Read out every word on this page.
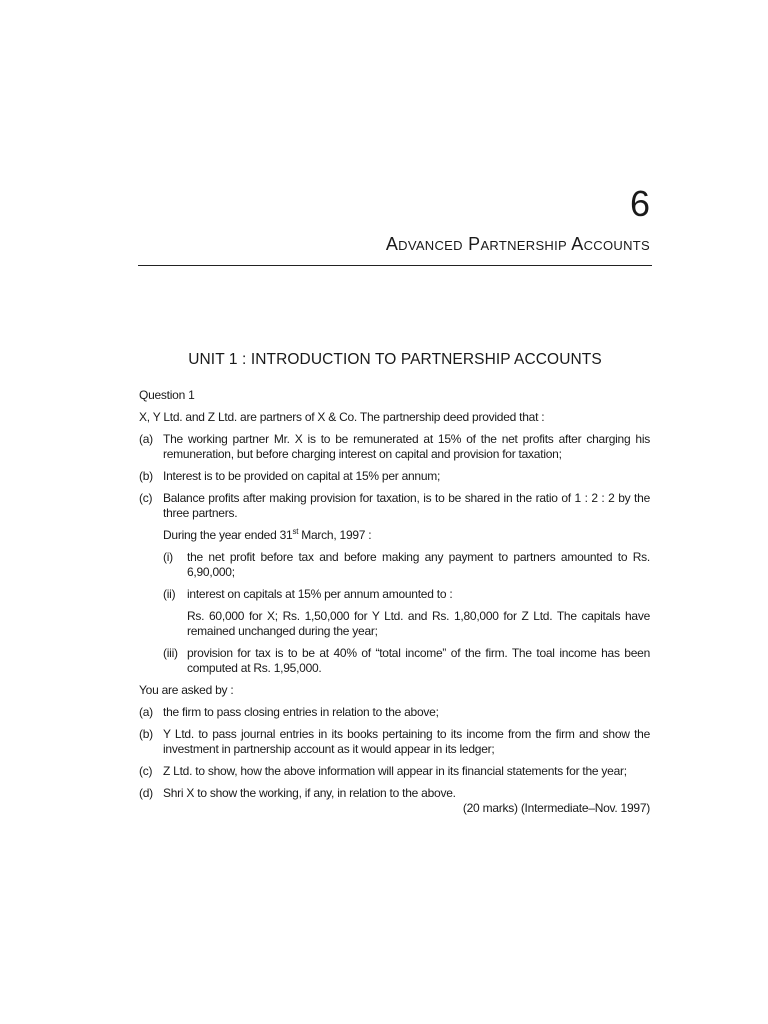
6
Advanced Partnership Accounts
UNIT 1 : INTRODUCTION TO PARTNERSHIP ACCOUNTS

Question 1

X, Y Ltd. and Z Ltd. are partners of X & Co. The partnership deed provided that :

(a) The working partner Mr. X is to be remunerated at 15% of the net profits after charging his remuneration, but before charging interest on capital and provision for taxation;
(b) Interest is to be provided on capital at 15% per annum;
(c) Balance profits after making provision for taxation, is to be shared in the ratio of 1 : 2 : 2 by the three partners.

During the year ended 31st March, 1997 :

(i) the net profit before tax and before making any payment to partners amounted to Rs. 6,90,000;
(ii) interest on capitals at 15% per annum amounted to :

Rs. 60,000 for X; Rs. 1,50,000 for Y Ltd. and Rs. 1,80,000 for Z Ltd. The capitals have remained unchanged during the year;

(iii) provision for tax is to be at 40% of “total income” of the firm. The toal income has been computed at Rs. 1,95,000.

You are asked by :

(a) the firm to pass closing entries in relation to the above;
(b) Y Ltd. to pass journal entries in its books pertaining to its income from the firm and show the investment in partnership account as it would appear in its ledger;
(c) Z Ltd. to show, how the above information will appear in its financial statements for the year;
(d) Shri X to show the working, if any, in relation to the above.

(20 marks) (Intermediate–Nov. 1997)
